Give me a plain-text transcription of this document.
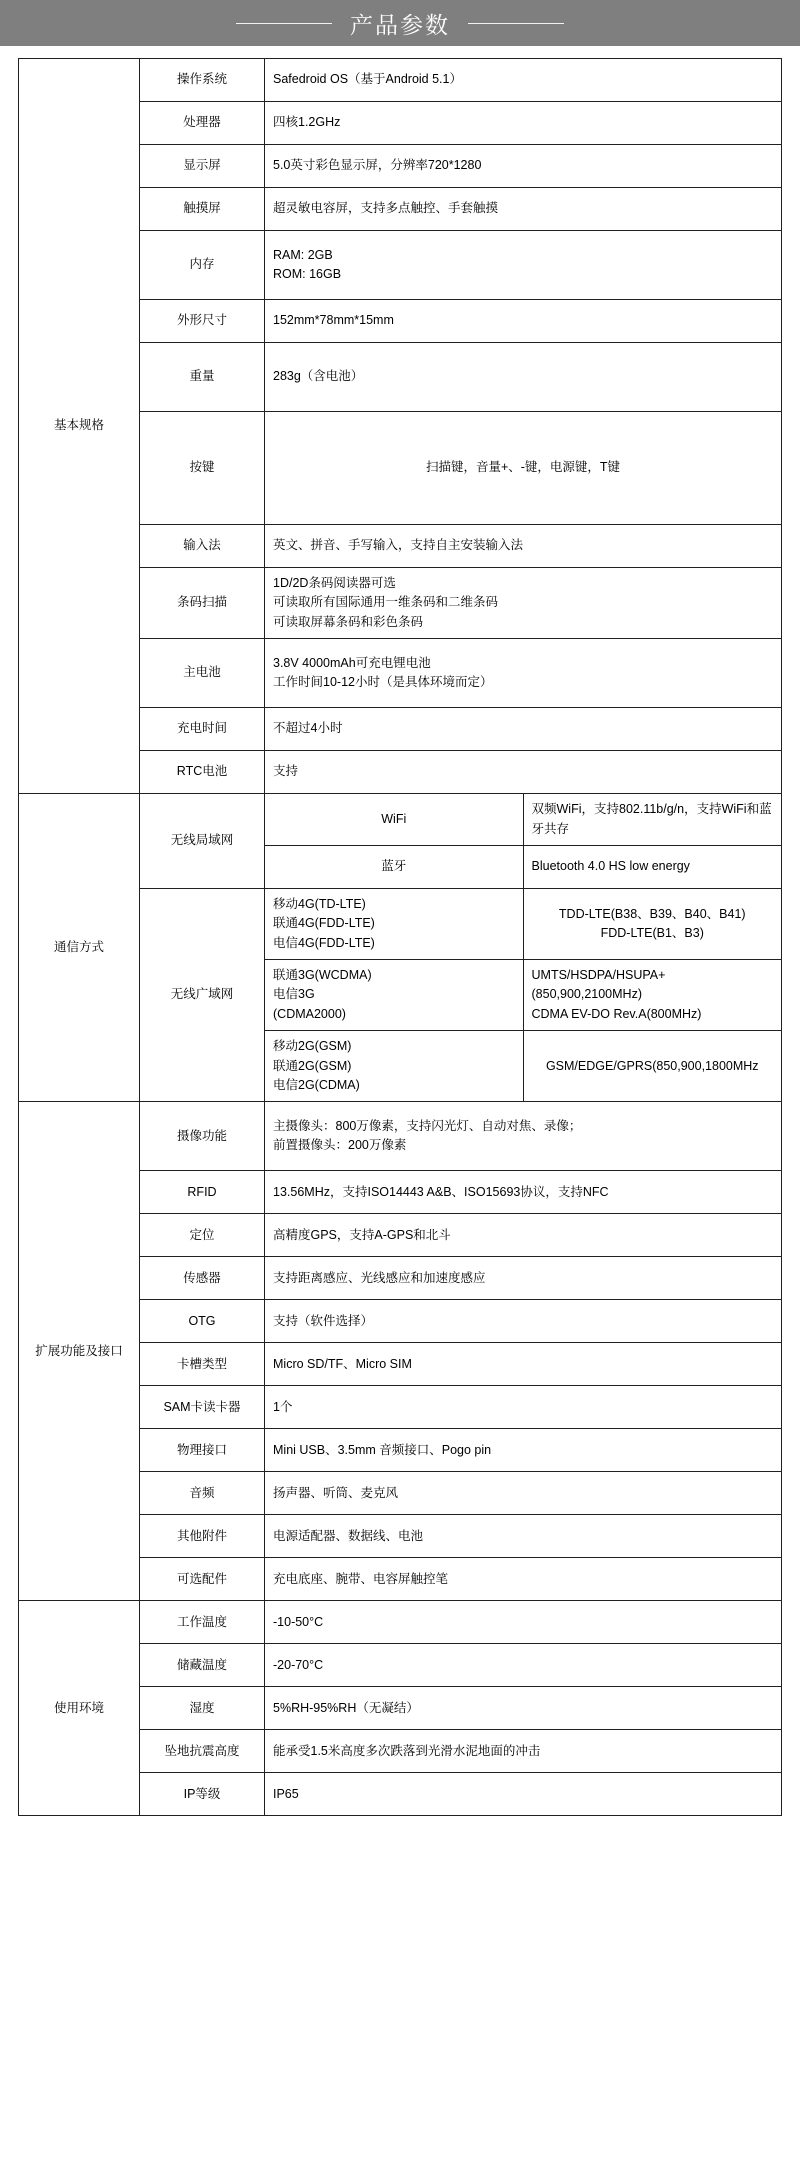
产品参数
基本规格	操作系统	Safedroid OS（基于Android 5.1）	
	处理器	四核1.2GHz	
	显示屏	5.0英寸彩色显示屏，分辨率720*1280	
	触摸屏	超灵敏电容屏，支持多点触控、手套触摸	
	内存	RAM: 2GB
ROM: 16GB	

	外形尺寸	152mm*78mm*15mm	
	重量	283g（含电池）	
	按键	扫描键，音量+、-键，电源键，T键	
	输入法	英文、拼音、手写输入，支持自主安装输入法	
	条码扫描	1D/2D条码阅读器可选
可读取所有国际通用一维条码和二维条码
可读取屏幕条码和彩色条码	

	主电池	3.8V 4000mAh可充电锂电池
工作时间10-12小时（是具体环境而定）	

	充电时间	不超过4小时	
	RTC电池	支持	
通信方式	无线局域网	WiFi	双频WiFi，支持802.11b/g/n，支持WiFi和蓝牙共存
		蓝牙	Bluetooth 4.0 HS low energy
	无线广域网	移动4G(TD-LTE)
联通4G(FDD-LTE)
电信4G(FDD-LTE)	TDD-LTE(B38、B39、B40、B41)
FDD-LTE(B1、B3)

		联通3G(WCDMA)
电信3G
(CDMA2000)	UMTS/HSDPA/HSUPA+(850,900,2100MHz)
CDMA EV-DO Rev.A(800MHz)

		移动2G(GSM)
联通2G(GSM)
电信2G(CDMA)	GSM/EDGE/GPRS(850,900,1800MHz
扩展功能及接口	摄像功能	主摄像头：800万像素，支持闪光灯、自动对焦、录像；
前置摄像头：200万像素	

	RFID	13.56MHz，支持ISO14443 A&B、ISO15693协议，支持NFC	
	定位	高精度GPS，支持A-GPS和北斗	
	传感器	支持距离感应、光线感应和加速度感应	
	OTG	支持（软件选择）	
	卡槽类型	Micro SD/TF、Micro SIM	
	SAM卡读卡器	1个	
	物理接口	Mini USB、3.5mm 音频接口、Pogo pin	
	音频	扬声器、听筒、麦克风	
	其他附件	电源适配器、数据线、电池	
	可选配件	充电底座、腕带、电容屏触控笔	
使用环境	工作温度	-10-50°C	
	储藏温度	-20-70°C	
	湿度	5%RH-95%RH（无凝结）	
	坠地抗震高度	能承受1.5米高度多次跌落到光滑水泥地面的冲击	
	IP等级	IP65	
